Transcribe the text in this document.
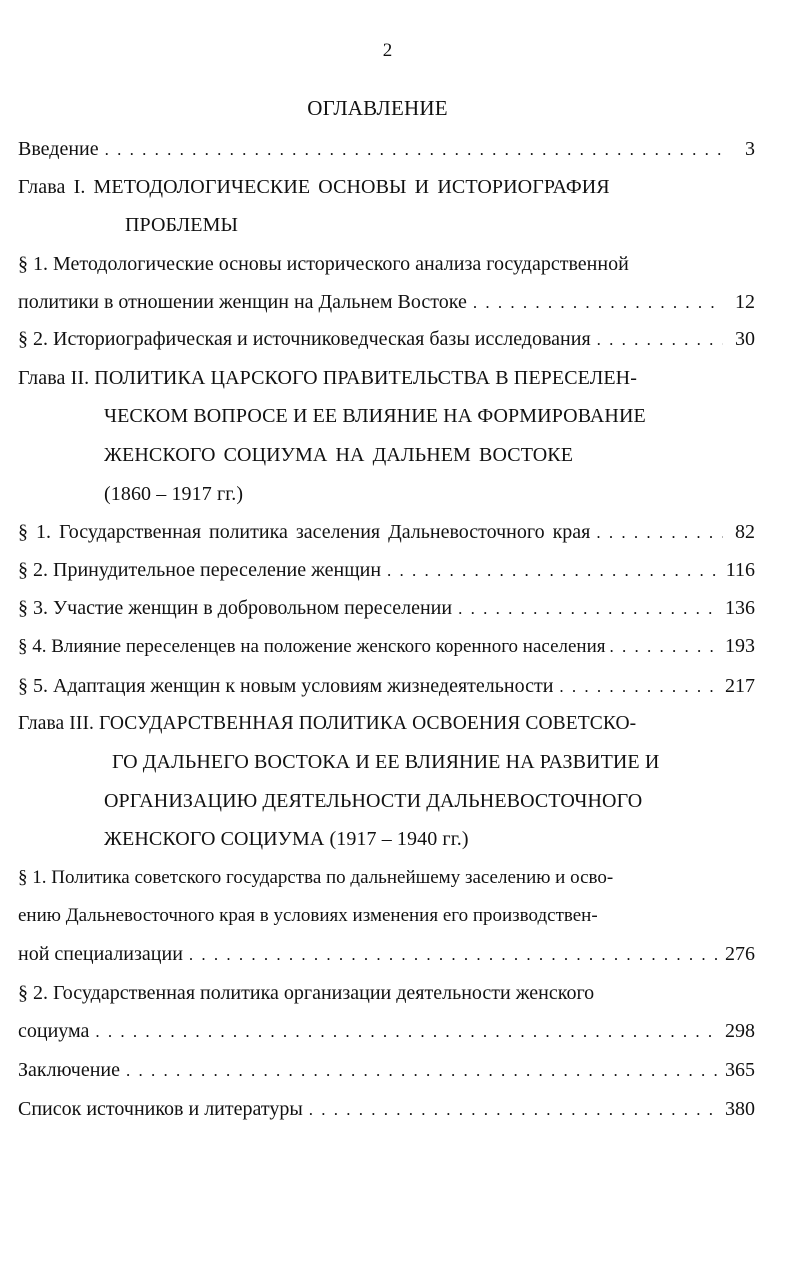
2
ОГЛАВЛЕНИЕ
Введение . . .	3
Глава I. МЕТОДОЛОГИЧЕСКИЕ ОСНОВЫ И ИСТОРИОГРАФИЯ
ПРОБЛЕМЫ
§ 1. Методологические основы исторического анализа государственной
политики в отношении женщин на Дальнем Востоке . . .	12
§ 2. Историографическая и источниковедческая базы исследования . . .	30
Глава II. ПОЛИТИКА ЦАРСКОГО ПРАВИТЕЛЬСТВА В ПЕРЕСЕЛЕН-
ЧЕСКОМ ВОПРОСЕ И ЕЕ ВЛИЯНИЕ НА ФОРМИРОВАНИЕ
ЖЕНСКОГО СОЦИУМА НА ДАЛЬНЕМ ВОСТОКЕ
(1860 – 1917 гг.)
§ 1. Государственная политика заселения Дальневосточного края . . .	82
§ 2. Принудительное переселение женщин . . .	116
§ 3. Участие женщин в добровольном переселении . . .	136
§ 4. Влияние переселенцев на положение женского коренного населения . . .	193
§ 5. Адаптация женщин к новым условиям жизнедеятельности . . .	217
Глава III. ГОСУДАРСТВЕННАЯ ПОЛИТИКА ОСВОЕНИЯ СОВЕТСКО-
ГО ДАЛЬНЕГО ВОСТОКА И ЕЕ ВЛИЯНИЕ НА РАЗВИТИЕ И
ОРГАНИЗАЦИЮ ДЕЯТЕЛЬНОСТИ ДАЛЬНЕВОСТОЧНОГО
ЖЕНСКОГО СОЦИУМА (1917 – 1940 гг.)
§ 1. Политика советского государства по дальнейшему заселению и осво-
ению Дальневосточного края в условиях изменения его производствен-
ной специализации . . .	276
§ 2. Государственная политика организации деятельности женского
социума . . .	298
Заключение . . .	365
Список источников и литературы . . .	380
